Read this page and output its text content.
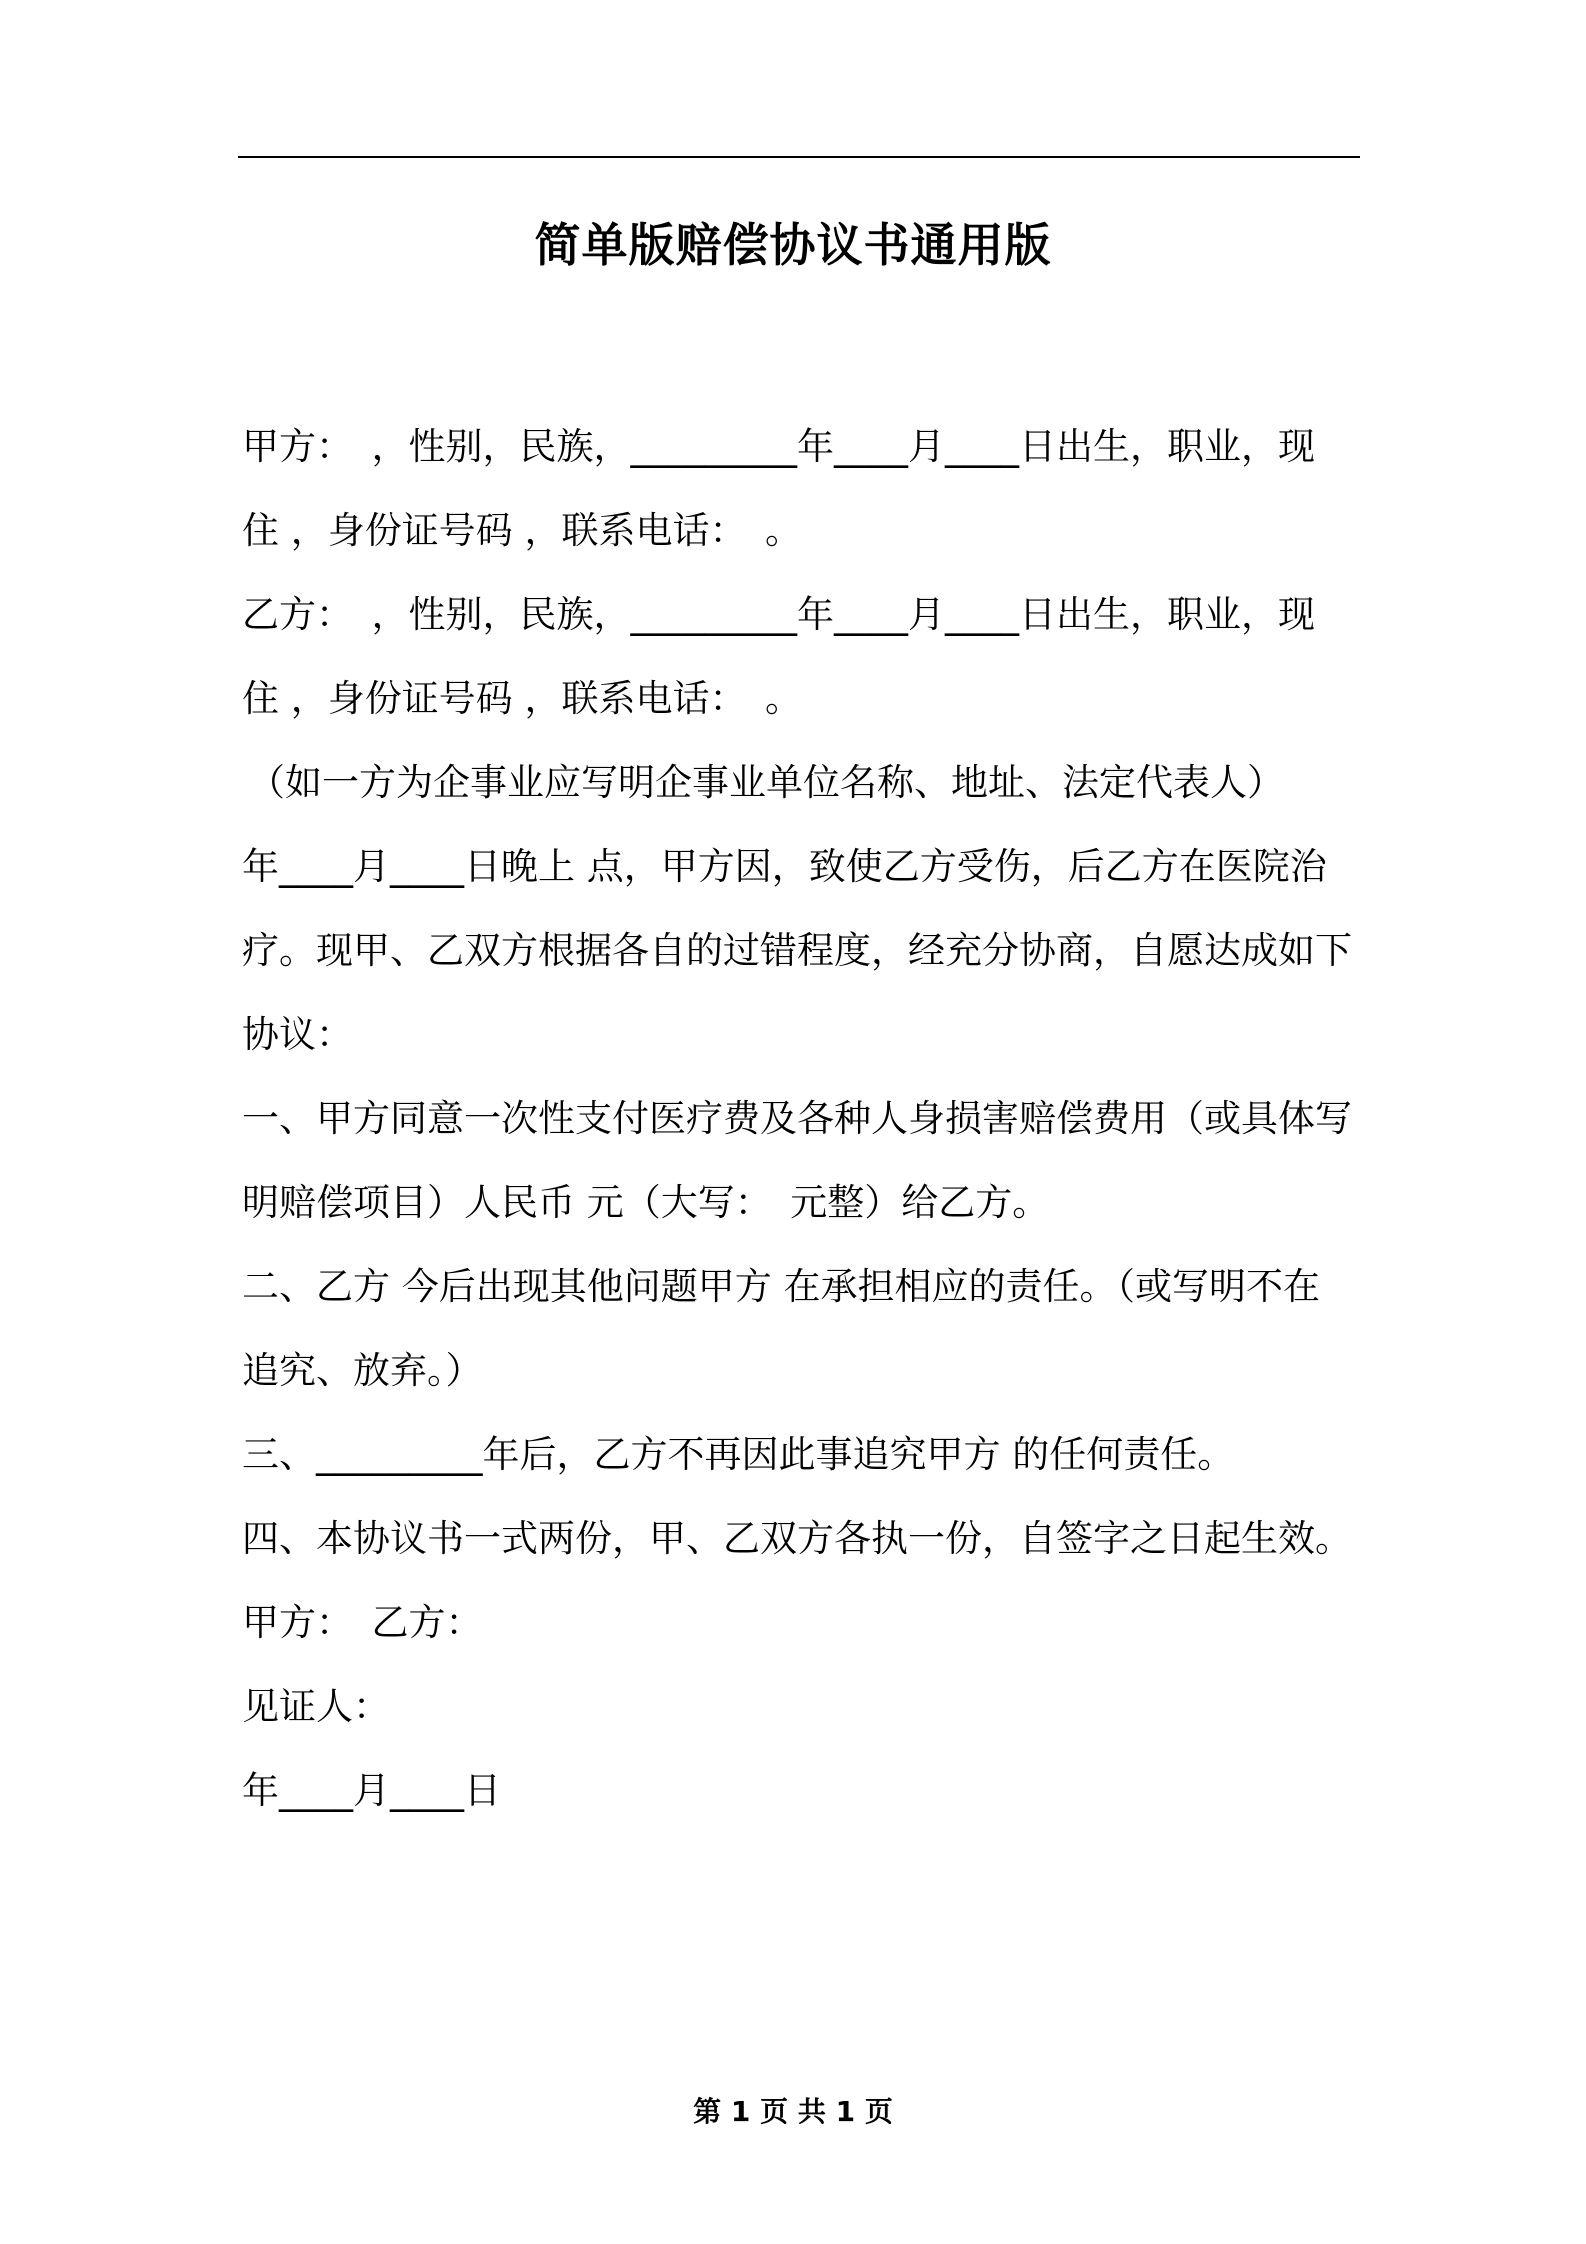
简单版赔偿协议书通用版
甲方：　，性别，民族，_________年____月____日出生，职业，现
住 ，身份证号码 ，联系电话：　。
乙方：　，性别，民族，_________年____月____日出生，职业，现
住 ，身份证号码 ，联系电话：　。
（如一方为企事业应写明企事业单位名称、地址、法定代表人）
年____月____日晚上 点，甲方因，致使乙方受伤，后乙方在医院治
疗。现甲、乙双方根据各自的过错程度，经充分协商，自愿达成如下
协议：
一、甲方同意一次性支付医疗费及各种人身损害赔偿费用（或具体写
明赔偿项目）人民币 元（大写：　元整）给乙方。
二、乙方 今后出现其他问题甲方 在承担相应的责任。（或写明不在
追究、放弃。）
三、_________年后，乙方不再因此事追究甲方 的任何责任。
四、本协议书一式两份，甲、乙双方各执一份，自签字之日起生效。
甲方：　乙方：
见证人：
年____月____日
第 1 页 共 1 页
